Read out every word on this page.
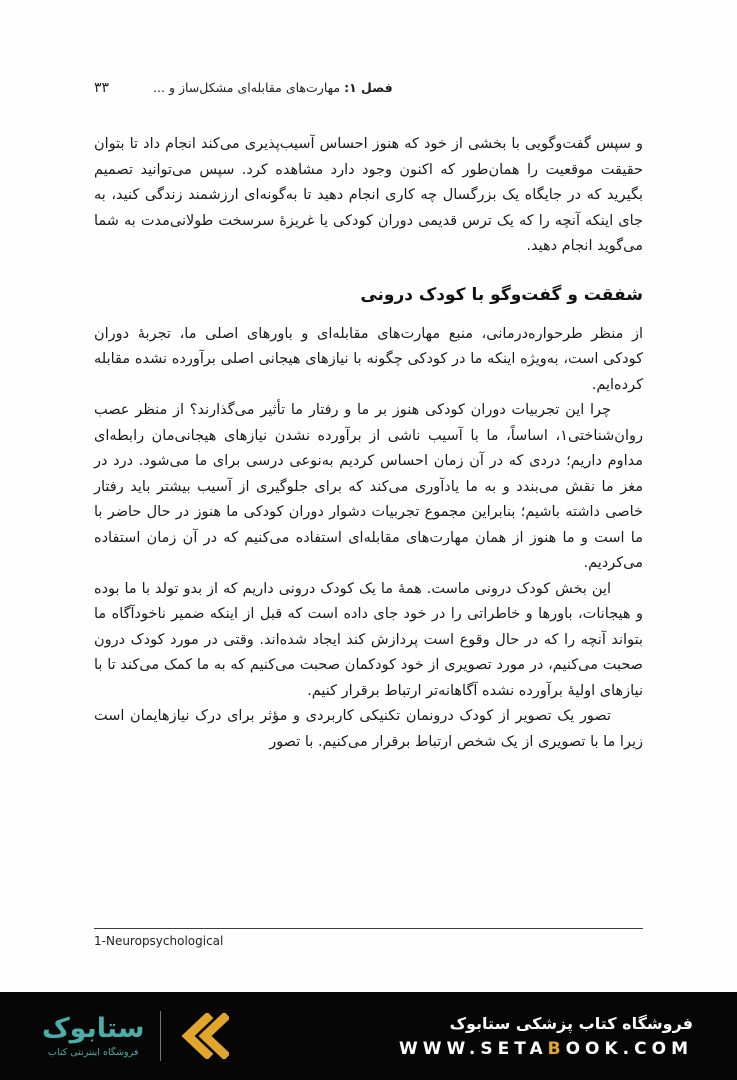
۳۳	فصل ۱: مهارت‌های مقابله‌ای مشکل‌ساز و ...

و سپس گفت‌وگویی با بخشی از خود که هنوز احساس آسیب‌پذیری می‌کند انجام داد تا بتوان حقیقت موقعیت را همان‌طور که اکنون وجود دارد مشاهده کرد. سپس می‌توانید تصمیم بگیرید که در جایگاه یک بزرگسال چه کاری انجام دهید تا به‌گونه‌ای ارزشمند زندگی کنید، به جای اینکه آنچه را که یک ترس قدیمی دوران کودکی یا غریزهٔ سرسخت طولانی‌مدت به شما می‌گوید انجام دهید.

شفقت و گفت‌وگو با کودک درونی

از منظر طرحواره‌درمانی، منبع مهارت‌های مقابله‌ای و باورهای اصلی ما، تجربهٔ دوران کودکی است، به‌ویژه اینکه ما در کودکی چگونه با نیازهای هیجانی اصلی برآورده نشده مقابله کرده‌ایم.

چرا این تجربیات دوران کودکی هنوز بر ما و رفتار ما تأثیر می‌گذارند؟ از منظر عصب روان‌شناختی۱، اساساً، ما با آسیب ناشی از برآورده نشدن نیازهای هیجانی‌مان رابطه‌ای مداوم داریم؛ دردی که در آن زمان احساس کردیم به‌نوعی درسی برای ما می‌شود. درد در مغز ما نقش می‌بندد و به ما یادآوری می‌کند که برای جلوگیری از آسیب بیشتر باید رفتار خاصی داشته باشیم؛ بنابراین مجموع تجربیات دشوار دوران کودکی ما هنوز در حال حاضر با ما است و ما هنوز از همان مهارت‌های مقابله‌ای استفاده می‌کنیم که در آن زمان استفاده می‌کردیم.

این بخش کودک درونی ماست. همهٔ ما یک کودک درونی داریم که از بدو تولد با ما بوده و هیجانات، باورها و خاطراتی را در خود جای داده است که قبل از اینکه ضمیر ناخودآگاه ما بتواند آنچه را که در حال وقوع است پردازش کند ایجاد شده‌اند. وقتی در مورد کودک درون صحبت می‌کنیم، در مورد تصویری از خود کودکمان صحبت می‌کنیم که به ما کمک می‌کند تا با نیازهای اولیهٔ برآورده نشده آگاهانه‌تر ارتباط برقرار کنیم.

تصور یک تصویر از کودک درونمان تکنیکی کاربردی و مؤثر برای درک نیازهایمان است زیرا ما با تصویری از یک شخص ارتباط برقرار می‌کنیم. با تصور

1-Neuropsychological
ستابوک
فروشگاه اینترنتی کتاب
فروشگاه کتاب پزشکی ستابوک
WWW.SETABOOK.COM
